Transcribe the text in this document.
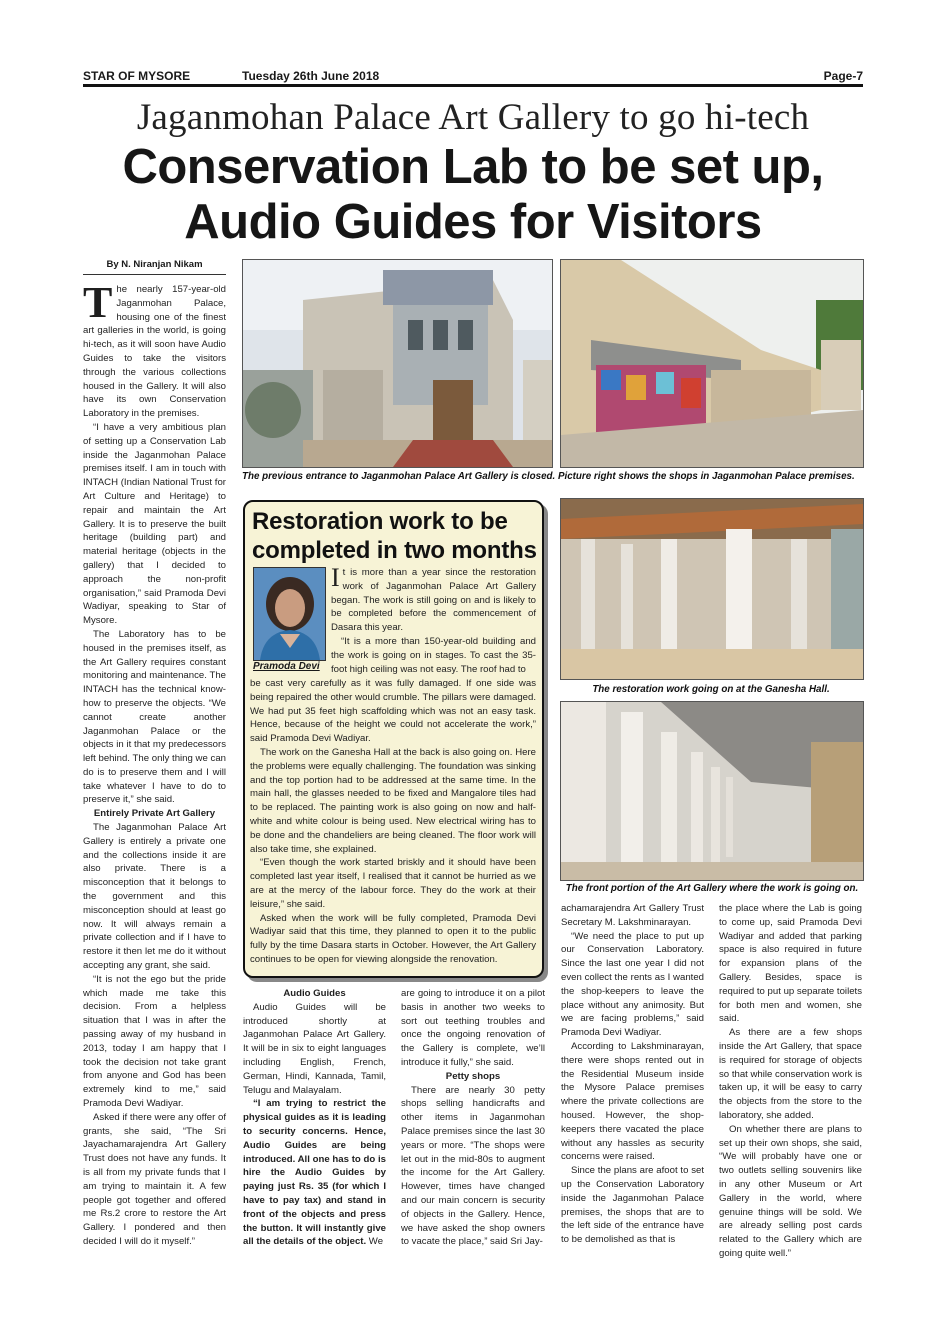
STAR OF MYSORE	Tuesday 26th June 2018	Page-7
Jaganmohan Palace Art Gallery to go hi-tech
Conservation Lab to be set up,
Audio Guides for Visitors
By N. Niranjan Nikam
T he nearly 157-year-old Jaganmohan Palace, housing one of the finest art galleries in the world, is going hi-tech, as it will soon have Audio Guides to take the visitors through the various collections housed in the Gallery. It will also have its own Conservation Laboratory in the premises.

“I have a very ambitious plan of setting up a Conservation Lab inside the Jaganmohan Palace premises itself. I am in touch with INTACH (Indian National Trust for Art Culture and Heritage) to repair and maintain the Art Gallery. It is to preserve the built heritage (building part) and material heritage (objects in the gallery) that I decided to approach the non-profit organisation,” said Pramoda Devi Wadiyar, speaking to Star of Mysore.

The Laboratory has to be housed in the premises itself, as the Art Gallery requires constant monitoring and maintenance. The INTACH has the technical know-how to preserve the objects. “We cannot create another Jaganmohan Palace or the objects in it that my predecessors left behind. The only thing we can do is to preserve them and I will take whatever I have to do to preserve it,” she said.

Entirely Private Art Gallery

The Jaganmohan Palace Art Gallery is entirely a private one and the collections inside it are also private. There is a misconception that it belongs to the government and this misconception should at least go now. It will always remain a private collection and if I have to restore it then let me do it without accepting any grant, she said.

“It is not the ego but the pride which made me take this decision. From a helpless situation that I was in after the passing away of my husband in 2013, today I am happy that I took the decision not take grant from anyone and God has been extremely kind to me,” said Pramoda Devi Wadiyar.

Asked if there were any offer of grants, she said, “The Sri Jayachamarajendra Art Gallery Trust does not have any funds. It is all from my private funds that I am trying to maintain it. A few people got together and offered me Rs.2 crore to restore the Art Gallery. I pondered and then decided I will do it myself.”

The previous entrance to Jaganmohan Palace Art Gallery is closed. Picture right shows the shops in Jaganmohan Palace premises.
Restoration work to be completed in two months
Pramoda Devi
I t is more than a year since the restoration work of Jaganmohan Palace Art Gallery began. The work is still going on and is likely to be completed before the commencement of Dasara this year.

“It is a more than 150-year-old building and the work is going on in stages. To cast the 35-foot high ceiling was not easy. The roof had to

be cast very carefully as it was fully damaged. If one side was being repaired the other would crumble. The pillars were damaged. We had put 35 feet high scaffolding which was not an easy task. Hence, because of the height we could not accelerate the work,” said Pramoda Devi Wadiyar.

The work on the Ganesha Hall at the back is also going on. Here the problems were equally challenging. The foundation was sinking and the top portion had to be addressed at the same time. In the main hall, the glasses needed to be fixed and Mangalore tiles had to be replaced. The painting work is also going on now and half-white and white colour is being used. New electrical wiring has to be done and the chandeliers are being cleaned. The floor work will also take time, she explained.

“Even though the work started briskly and it should have been completed last year itself, I realised that it cannot be hurried as we are at the mercy of the labour force. They do the work at their leisure,” she said.

Asked when the work will be fully completed, Pramoda Devi Wadiyar said that this time, they planned to open it to the public fully by the time Dasara starts in October. However, the Art Gallery continues to be open for viewing alongside the renovation.

The restoration work going on at the Ganesha Hall.
The front portion of the Art Gallery where the work is going on.

Audio Guides

Audio Guides will be introduced shortly at Jaganmohan Palace Art Gallery. It will be in six to eight languages including English, French, German, Hindi, Kannada, Tamil, Telugu and Malayalam.

“I am trying to restrict the physical guides as it is leading to security concerns. Hence, Audio Guides are being introduced. All one has to do is hire the Audio Guides by paying just Rs. 35 (for which I have to pay tax) and stand in front of the objects and press the button. It will instantly give all the details of the object. We

are going to introduce it on a pilot basis in another two weeks to sort out teething troubles and once the ongoing renovation of the Gallery is complete, we’ll introduce it fully,” she said.

Petty shops

There are nearly 30 petty shops selling handicrafts and other items in Jaganmohan Palace premises since the last 30 years or more. “The shops were let out in the mid-80s to augment the income for the Art Gallery. However, times have changed and our main concern is security of objects in the Gallery. Hence, we have asked the shop owners to vacate the place,” said Sri Jay-

achamarajendra Art Gallery Trust Secretary M. Lakshminarayan.

“We need the place to put up our Conservation Laboratory. Since the last one year I did not even collect the rents as I wanted the shop-keepers to leave the place without any animosity. But we are facing problems,” said Pramoda Devi Wadiyar.

According to Lakshminarayan, there were shops rented out in the Residential Museum inside the Mysore Palace premises where the private collections are housed. However, the shop-keepers there vacated the place without any hassles as security concerns were raised.

Since the plans are afoot to set up the Conservation Laboratory inside the Jaganmohan Palace premises, the shops that are to the left side of the entrance have to be demolished as that is

the place where the Lab is going to come up, said Pramoda Devi Wadiyar and added that parking space is also required in future for expansion plans of the Gallery. Besides, space is required to put up separate toilets for both men and women, she said.

As there are a few shops inside the Art Gallery, that space is required for storage of objects so that while conservation work is taken up, it will be easy to carry the objects from the store to the laboratory, she added.

On whether there are plans to set up their own shops, she said, “We will probably have one or two outlets selling souvenirs like in any other Museum or Art Gallery in the world, where genuine things will be sold. We are already selling post cards related to the Gallery which are going quite well.”
